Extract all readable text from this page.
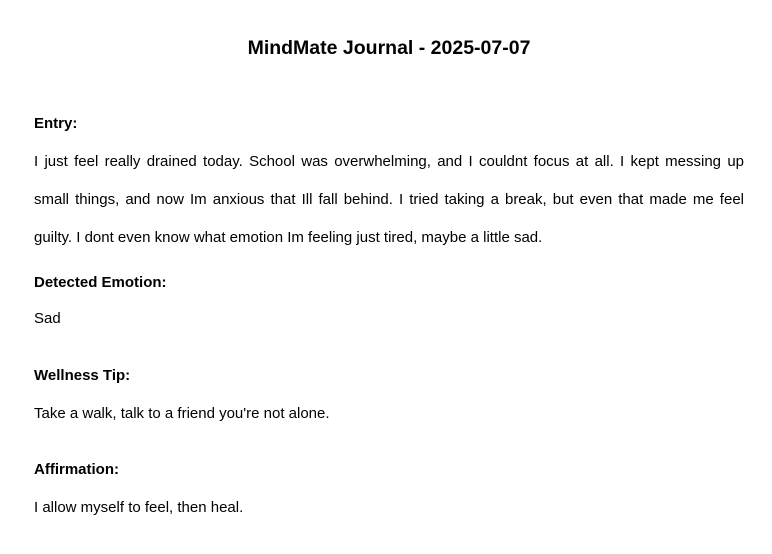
MindMate Journal - 2025-07-07

Entry:

I just feel really drained today. School was overwhelming, and I couldnt focus at all. I kept messing up small things, and now Im anxious that Ill fall behind. I tried taking a break, but even that made me feel guilty. I dont even know what emotion Im feeling just tired, maybe a little sad.

Detected Emotion:

Sad

Wellness Tip:

Take a walk, talk to a friend you're not alone.

Affirmation:

I allow myself to feel, then heal.
